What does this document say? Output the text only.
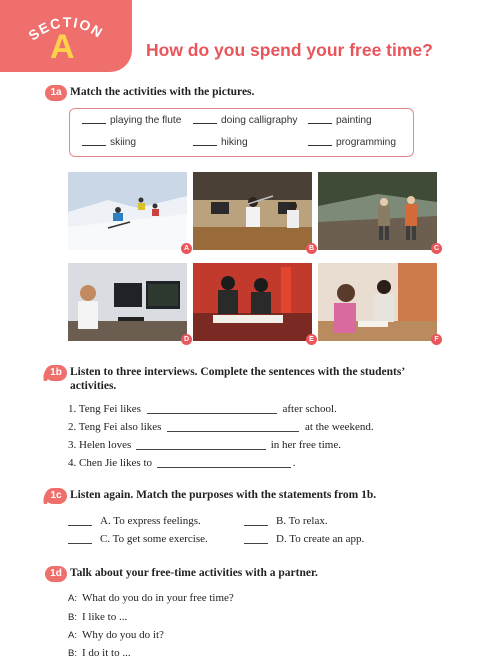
SECTION
A	How do you spend your free time?
1a Match the activities with the pictures.
playing the flute	doing calligraphy	painting
skiing	hiking	programming
A	B	C
D	E	F
1b Listen to three interviews. Complete the sentences with the students’
activities.
1. Teng Fei likes	after school.
2. Teng Fei also likes	at the weekend.
3. Helen loves	in her free time.
4. Chen Jie likes to	.
1c Listen again. Match the purposes with the statements from 1b.
A. To express feelings.	B. To relax.
C. To get some exercise.	D. To create an app.
1d Talk about your free-time activities with a partner.
A: What do you do in your free time?
B: I like to ...
A: Why do you do it?
B: I do it to ...
